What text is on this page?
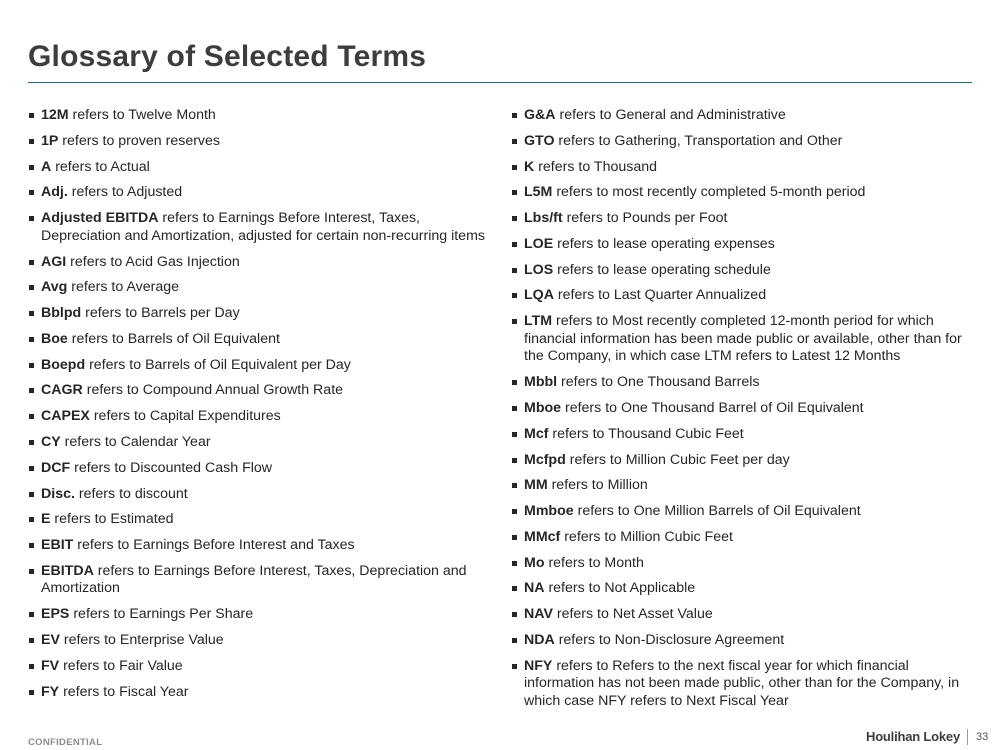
Glossary of Selected Terms
12M refers to Twelve Month
1P refers to proven reserves
A refers to Actual
Adj. refers to Adjusted
Adjusted EBITDA refers to Earnings Before Interest, Taxes, Depreciation and Amortization, adjusted for certain non-recurring items
AGI refers to Acid Gas Injection
Avg refers to Average
Bblpd refers to Barrels per Day
Boe refers to Barrels of Oil Equivalent
Boepd refers to Barrels of Oil Equivalent per Day
CAGR refers to Compound Annual Growth Rate
CAPEX refers to Capital Expenditures
CY refers to Calendar Year
DCF refers to Discounted Cash Flow
Disc. refers to discount
E refers to Estimated
EBIT refers to Earnings Before Interest and Taxes
EBITDA refers to Earnings Before Interest, Taxes, Depreciation and Amortization
EPS refers to Earnings Per Share
EV refers to Enterprise Value
FV refers to Fair Value
FY refers to Fiscal Year
G&A refers to General and Administrative
GTO refers to Gathering, Transportation and Other
K refers to Thousand
L5M refers to most recently completed 5-month period
Lbs/ft refers to Pounds per Foot
LOE refers to lease operating expenses
LOS refers to lease operating schedule
LQA refers to Last Quarter Annualized
LTM refers to Most recently completed 12-month period for which financial information has been made public or available, other than for the Company, in which case LTM refers to Latest 12 Months
Mbbl refers to One Thousand Barrels
Mboe refers to One Thousand Barrel of Oil Equivalent
Mcf refers to Thousand Cubic Feet
Mcfpd refers to Million Cubic Feet per day
MM refers to Million
Mmboe refers to One Million Barrels of Oil Equivalent
MMcf refers to Million Cubic Feet
Mo refers to Month
NA refers to Not Applicable
NAV refers to Net Asset Value
NDA refers to Non-Disclosure Agreement
NFY refers to Refers to the next fiscal year for which financial information has not been made public, other than for the Company, in which case NFY refers to Next Fiscal Year
CONFIDENTIAL	Houlihan Lokey 33
